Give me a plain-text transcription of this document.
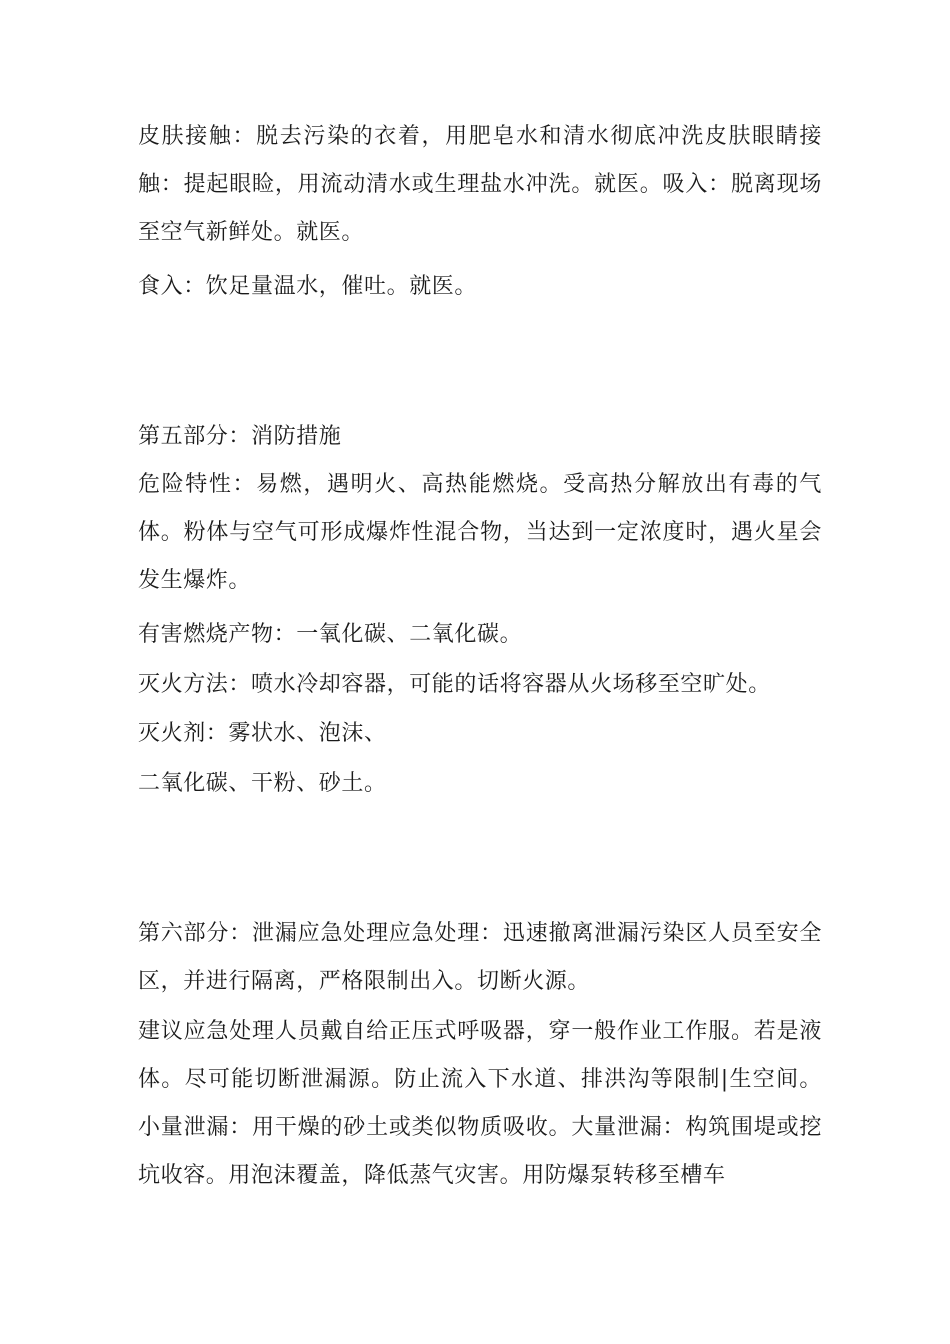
皮肤接触：脱去污染的衣着，用肥皂水和清水彻底冲洗皮肤眼睛接触：提起眼睑，用流动清水或生理盐水冲洗。就医。吸入：脱离现场至空气新鲜处。就医。

食入：饮足量温水，催吐。就医。

第五部分：消防措施

危险特性：易燃，遇明火、高热能燃烧。受高热分解放出有毒的气体。粉体与空气可形成爆炸性混合物，当达到一定浓度时，遇火星会发生爆炸。

有害燃烧产物：一氧化碳、二氧化碳。

灭火方法：喷水冷却容器，可能的话将容器从火场移至空旷处。

灭火剂：雾状水、泡沫、

二氧化碳、干粉、砂土。

第六部分：泄漏应急处理应急处理：迅速撤离泄漏污染区人员至安全区，并进行隔离，严格限制出入。切断火源。

建议应急处理人员戴自给正压式呼吸器，穿一般作业工作服。若是液体。尽可能切断泄漏源。防止流入下水道、排洪沟等限制|生空间。小量泄漏：用干燥的砂土或类似物质吸收。大量泄漏：构筑围堤或挖坑收容。用泡沫覆盖，降低蒸气灾害。用防爆泵转移至槽车
